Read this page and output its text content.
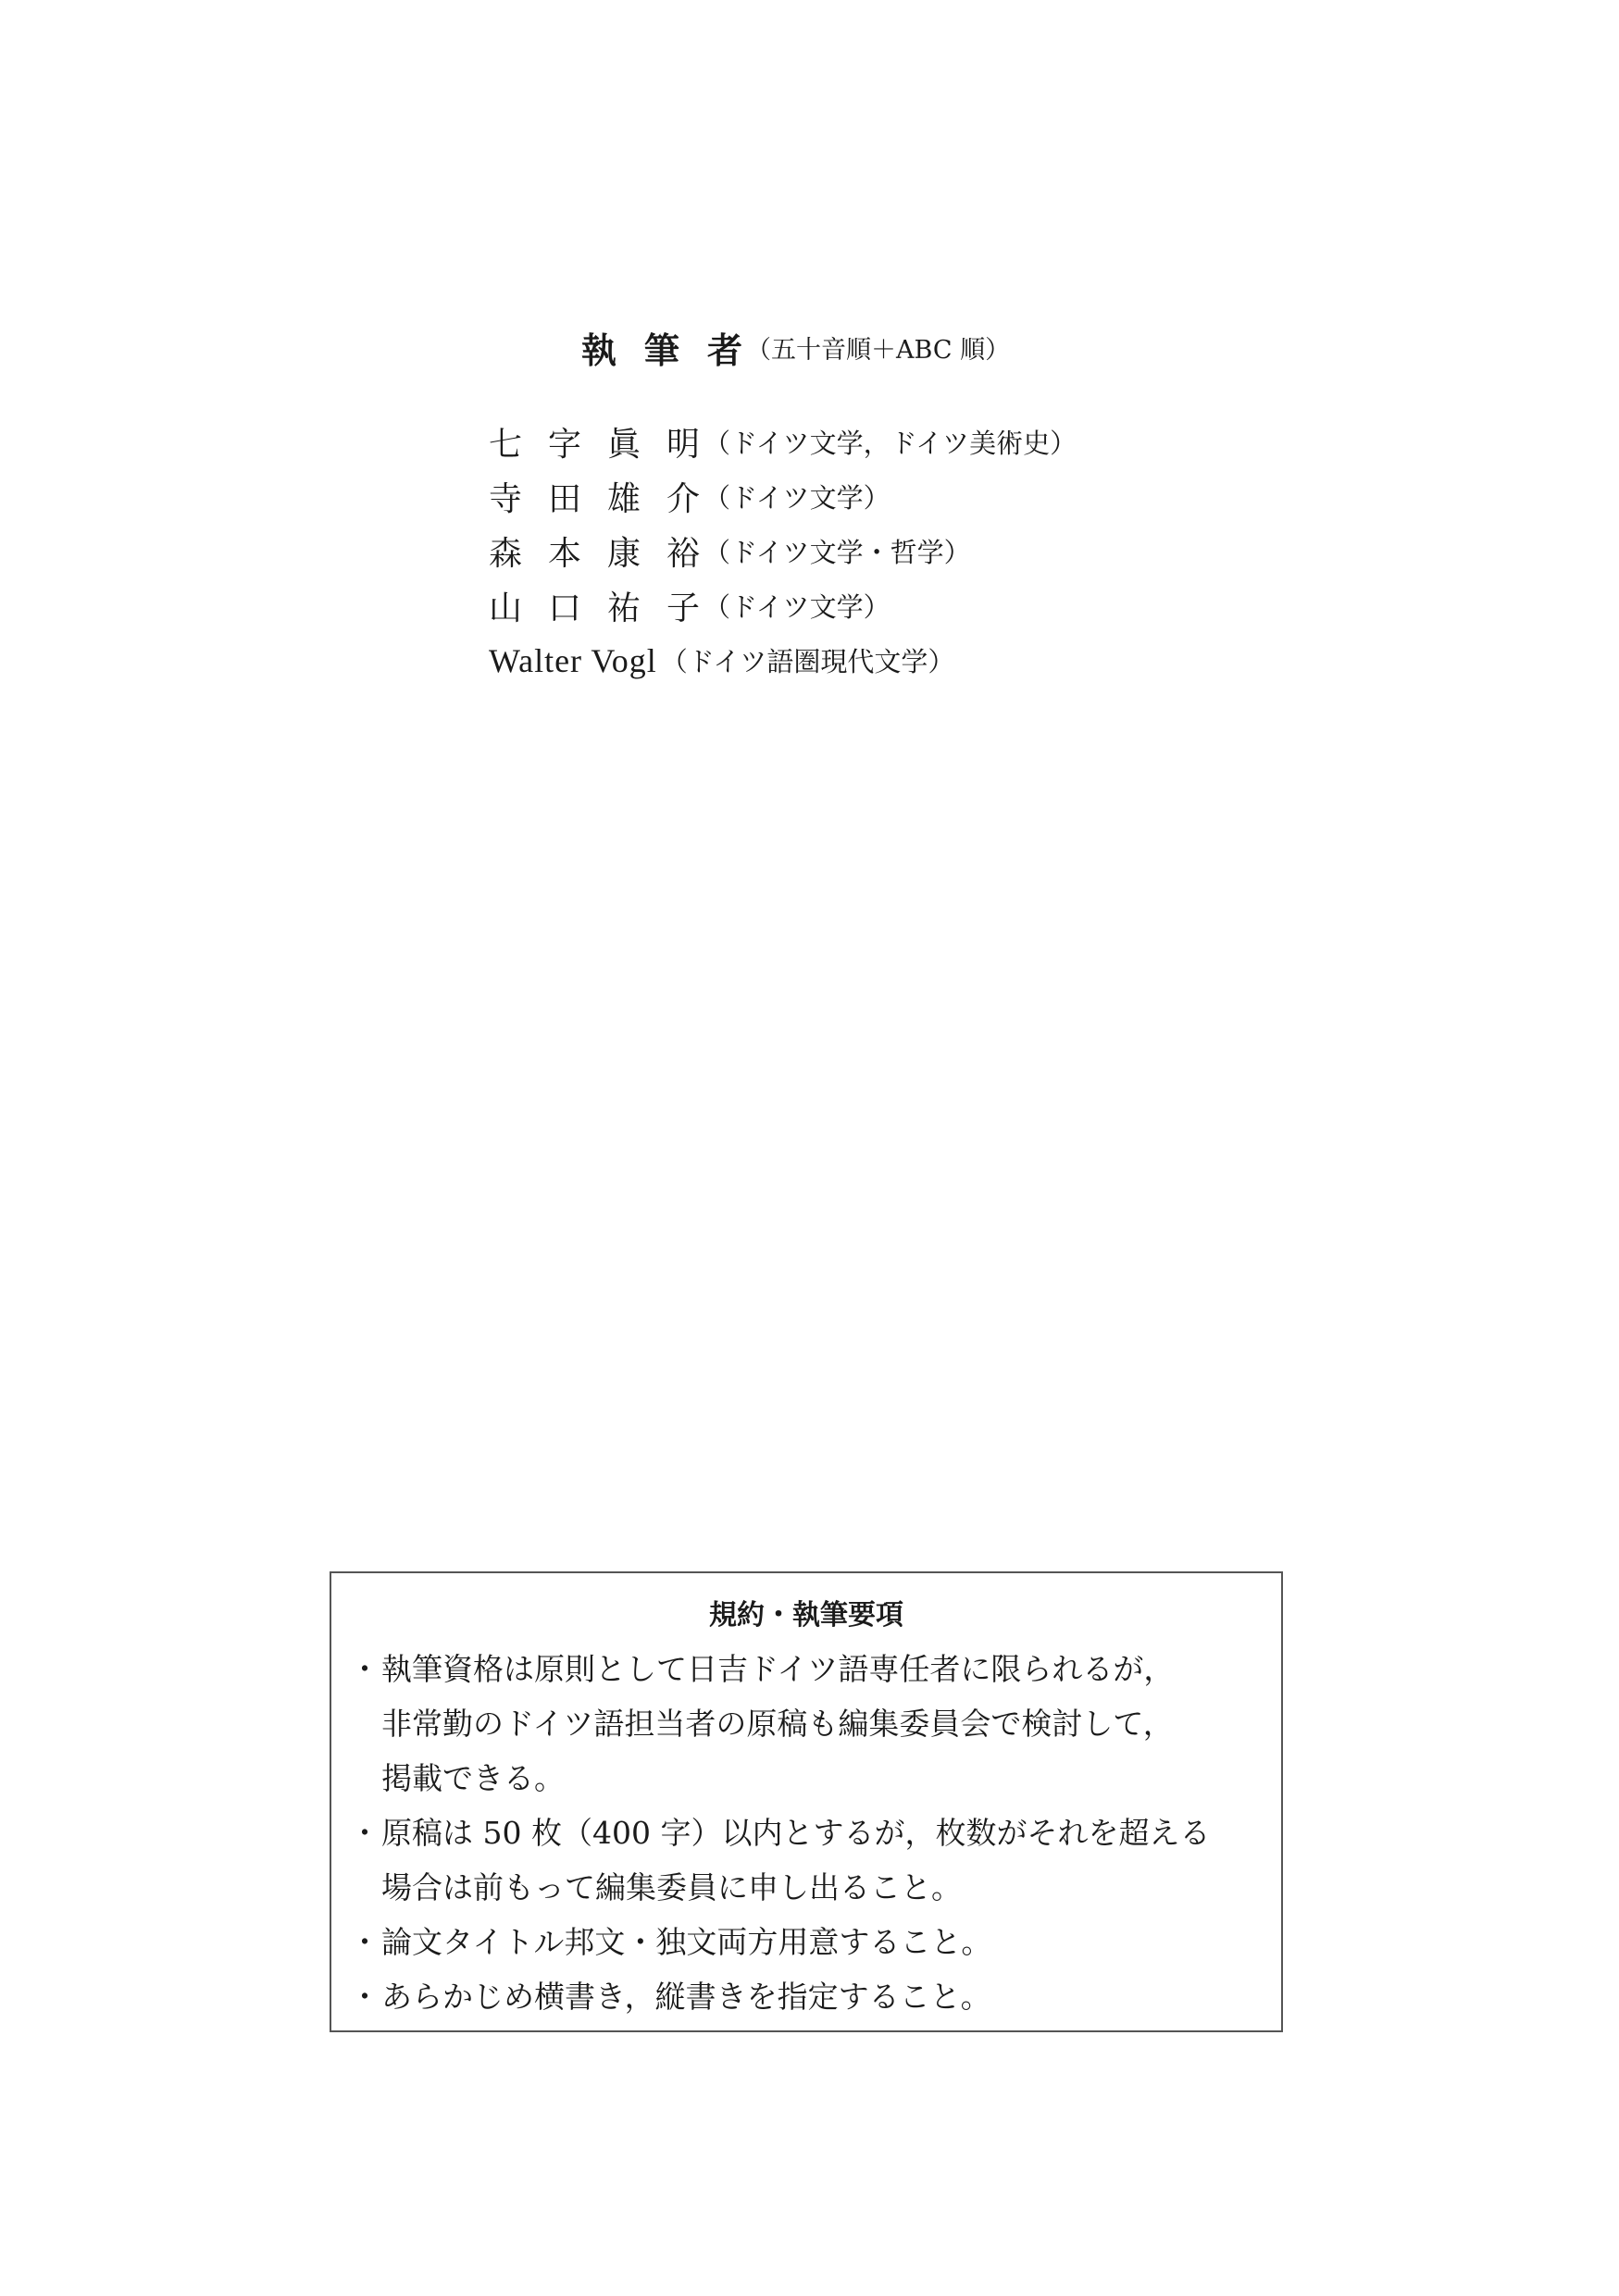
執筆者（五十音順＋ABC 順）
七字眞明
（ドイツ文学，ドイツ美術史）
寺田雄介
（ドイツ文学）
森本康裕
（ドイツ文学・哲学）
山口祐子
（ドイツ文学）
Walter Vogl （ドイツ語圏現代文学）
規約・執筆要項
・ 執筆資格は原則として日吉ドイツ語専任者に限られるが，
非常勤のドイツ語担当者の原稿も編集委員会で検討して，
掲載できる。
・ 原稿は 50 枚（400 字）以内とするが，枚数がそれを超える
場合は前もって編集委員に申し出ること。
・ 論文タイトル邦文・独文両方用意すること。
・ あらかじめ横書き，縦書きを指定すること。
